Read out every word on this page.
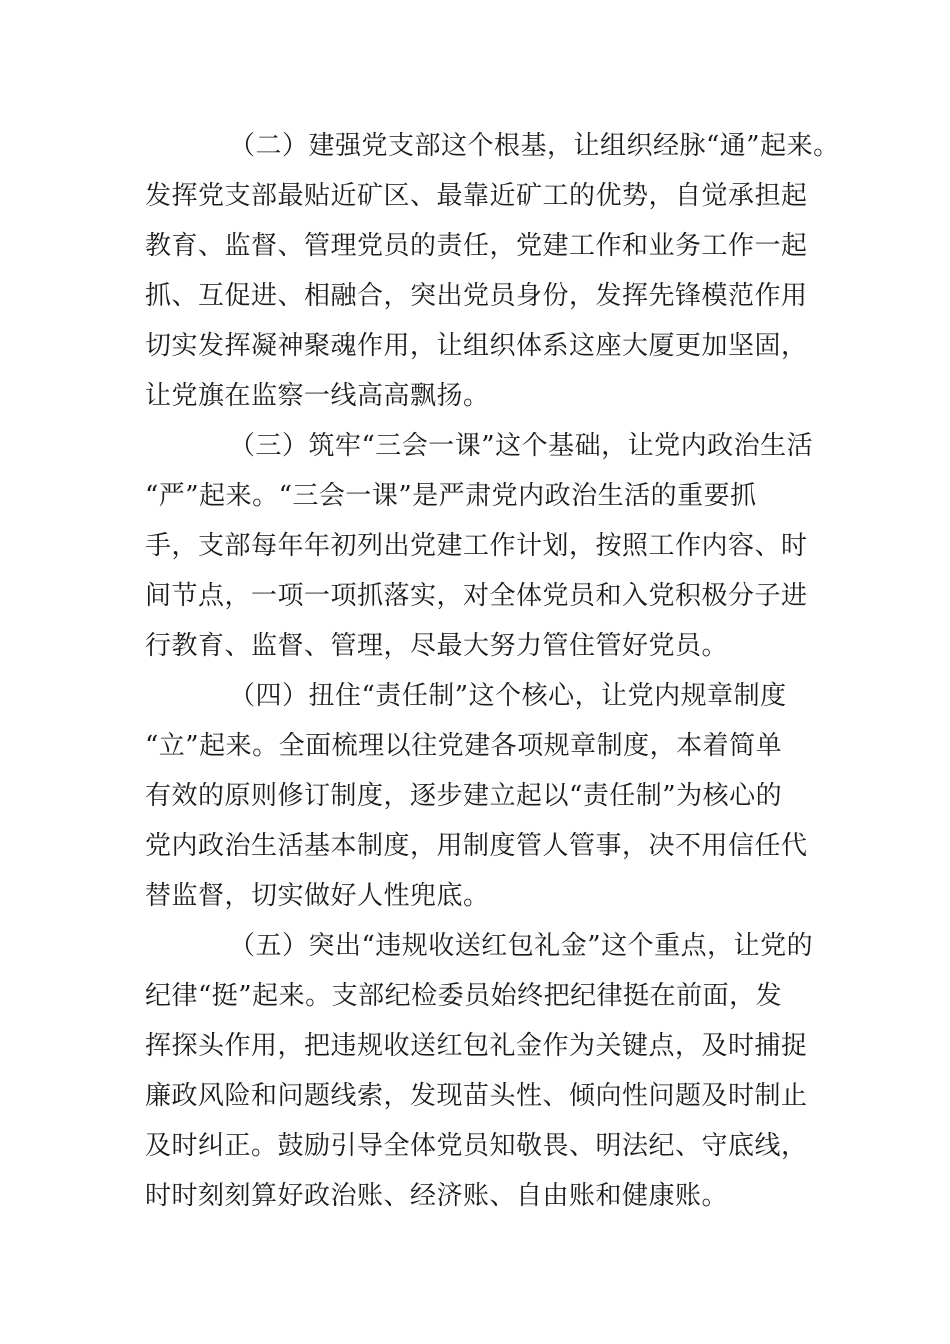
（二）建强党支部这个根基，让组织经脉“通”起来。
发挥党支部最贴近矿区、最靠近矿工的优势，自觉承担起
教育、监督、管理党员的责任，党建工作和业务工作一起
抓、互促进、相融合，突出党员身份，发挥先锋模范作用
切实发挥凝神聚魂作用，让组织体系这座大厦更加坚固，
让党旗在监察一线高高飘扬。
（三）筑牢“三会一课”这个基础，让党内政治生活
“严”起来。“三会一课”是严肃党内政治生活的重要抓
手，支部每年年初列出党建工作计划，按照工作内容、时
间节点，一项一项抓落实，对全体党员和入党积极分子进
行教育、监督、管理，尽最大努力管住管好党员。
（四）扭住“责任制”这个核心，让党内规章制度
“立”起来。全面梳理以往党建各项规章制度，本着简单
有效的原则修订制度，逐步建立起以“责任制”为核心的
党内政治生活基本制度，用制度管人管事，决不用信任代
替监督，切实做好人性兜底。
（五）突出“违规收送红包礼金”这个重点，让党的
纪律“挺”起来。支部纪检委员始终把纪律挺在前面，发
挥探头作用，把违规收送红包礼金作为关键点，及时捕捉
廉政风险和问题线索，发现苗头性、倾向性问题及时制止
及时纠正。鼓励引导全体党员知敬畏、明法纪、守底线，
时时刻刻算好政治账、经济账、自由账和健康账。
